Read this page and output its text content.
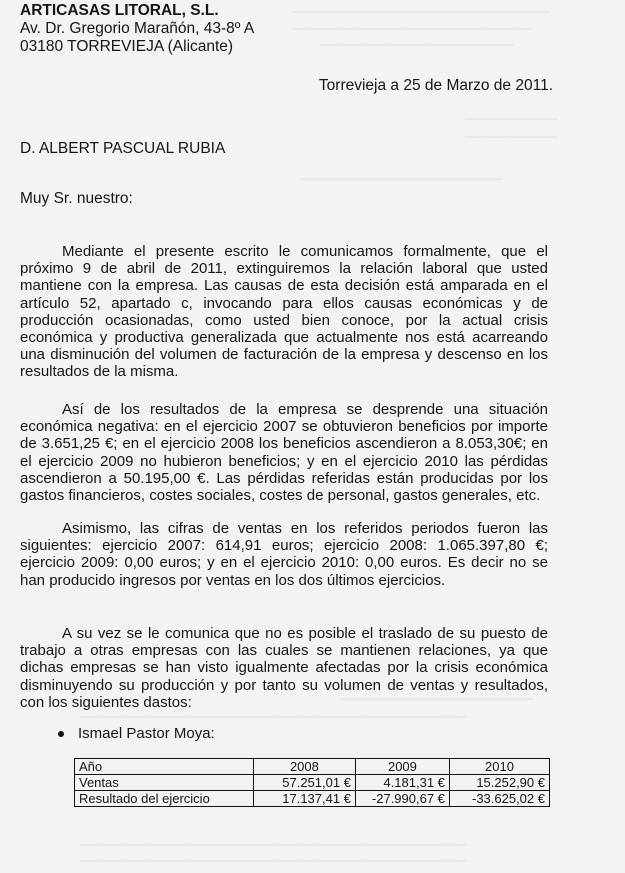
────────────────────────────
──────────────────────────
─────────────────────
──────────
──────────
──────────────────────
─────────────────────
──────────────────────────────────────────
──────────────────────────────────────────
──────────────────────────────────────────
ARTICASAS LITORAL, S.L.
Av. Dr. Gregorio Marañón, 43-8º A
03180 TORREVIEJA (Alicante)
Torrevieja a 25 de Marzo de 2011.
D. ALBERT PASCUAL RUBIA
Muy Sr. nuestro:
Mediante el presente escrito le comunicamos formalmente, que el próximo 9 de abril de 2011, extinguiremos la relación laboral que usted mantiene con la empresa. Las causas de esta decisión está amparada en el artículo 52, apartado c, invocando para ellos causas económicas y de producción ocasionadas, como usted bien conoce, por la actual crisis económica y productiva generalizada que actualmente nos está acarreando una disminución del volumen de facturación de la empresa y descenso en los resultados de la misma.
Así de los resultados de la empresa se desprende una situación económica negativa: en el ejercicio 2007 se obtuvieron beneficios por importe de 3.651,25 €; en el ejercicio 2008 los beneficios ascendieron a 8.053,30€; en el ejercicio 2009 no hubieron beneficios; y en el ejercicio 2010 las pérdidas ascendieron a 50.195,00 €. Las pérdidas referidas están producidas por los gastos financieros, costes sociales, costes de personal, gastos generales, etc.
Asimismo, las cifras de ventas en los referidos periodos fueron las siguientes: ejercicio 2007: 614,91 euros; ejercicio 2008: 1.065.397,80 €; ejercicio 2009: 0,00 euros; y en el ejercicio 2010: 0,00 euros. Es decir no se han producido ingresos por ventas en los dos últimos ejercicios.
A su vez se le comunica que no es posible el traslado de su puesto de trabajo a otras empresas con las cuales se mantienen relaciones, ya que dichas empresas se han visto igualmente afectadas por la crisis económica disminuyendo su producción y por tanto su volumen de ventas y resultados, con los siguientes dastos:
Ismael Pastor Moya:
Año	2008	2009	2010
Ventas	57.251,01 €	4.181,31 €	15.252,90 €
Resultado del ejercicio	17.137,41 €	-27.990,67 €	-33.625,02 €
